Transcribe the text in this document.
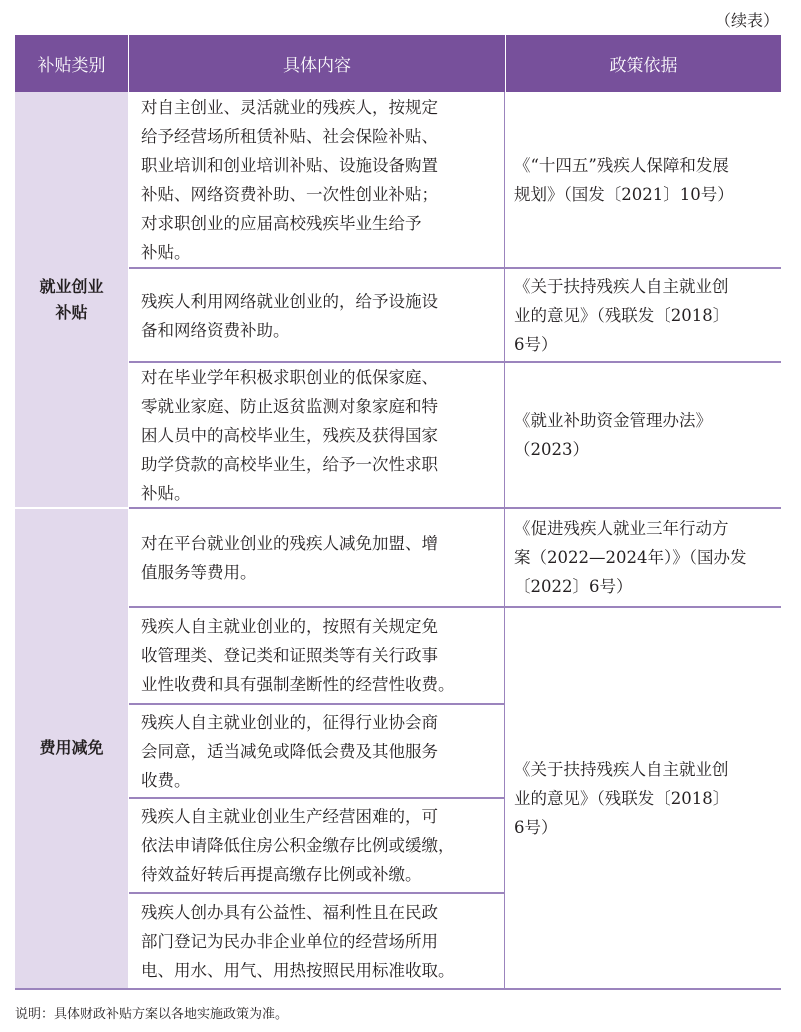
（续表）
补贴类别	具体内容	政策依据
就业创业
补贴
费用减免
对自主创业、灵活就业的残疾人，按规定
给予经营场所租赁补贴、社会保险补贴、
职业培训和创业培训补贴、设施设备购置
补贴、网络资费补助、一次性创业补贴；
对求职创业的应届高校残疾毕业生给予
补贴。
《“十四五”残疾人保障和发展
规划》（国发〔2021〕10号）
残疾人利用网络就业创业的，给予设施设
备和网络资费补助。
《关于扶持残疾人自主就业创
业的意见》（残联发〔2018〕
6号）
对在毕业学年积极求职创业的低保家庭、
零就业家庭、防止返贫监测对象家庭和特
困人员中的高校毕业生，残疾及获得国家
助学贷款的高校毕业生，给予一次性求职
补贴。
《就业补助资金管理办法》
（2023）
对在平台就业创业的残疾人减免加盟、增
值服务等费用。
《促进残疾人就业三年行动方
案（2022—2024年）》（国办发
〔2022〕6号）
残疾人自主就业创业的，按照有关规定免
收管理类、登记类和证照类等有关行政事
业性收费和具有强制垄断性的经营性收费。
残疾人自主就业创业的，征得行业协会商
会同意，适当减免或降低会费及其他服务
收费。
残疾人自主就业创业生产经营困难的，可
依法申请降低住房公积金缴存比例或缓缴，
待效益好转后再提高缴存比例或补缴。
残疾人创办具有公益性、福利性且在民政
部门登记为民办非企业单位的经营场所用
电、用水、用气、用热按照民用标准收取。
《关于扶持残疾人自主就业创
业的意见》（残联发〔2018〕
6号）
说明：具体财政补贴方案以各地实施政策为准。
